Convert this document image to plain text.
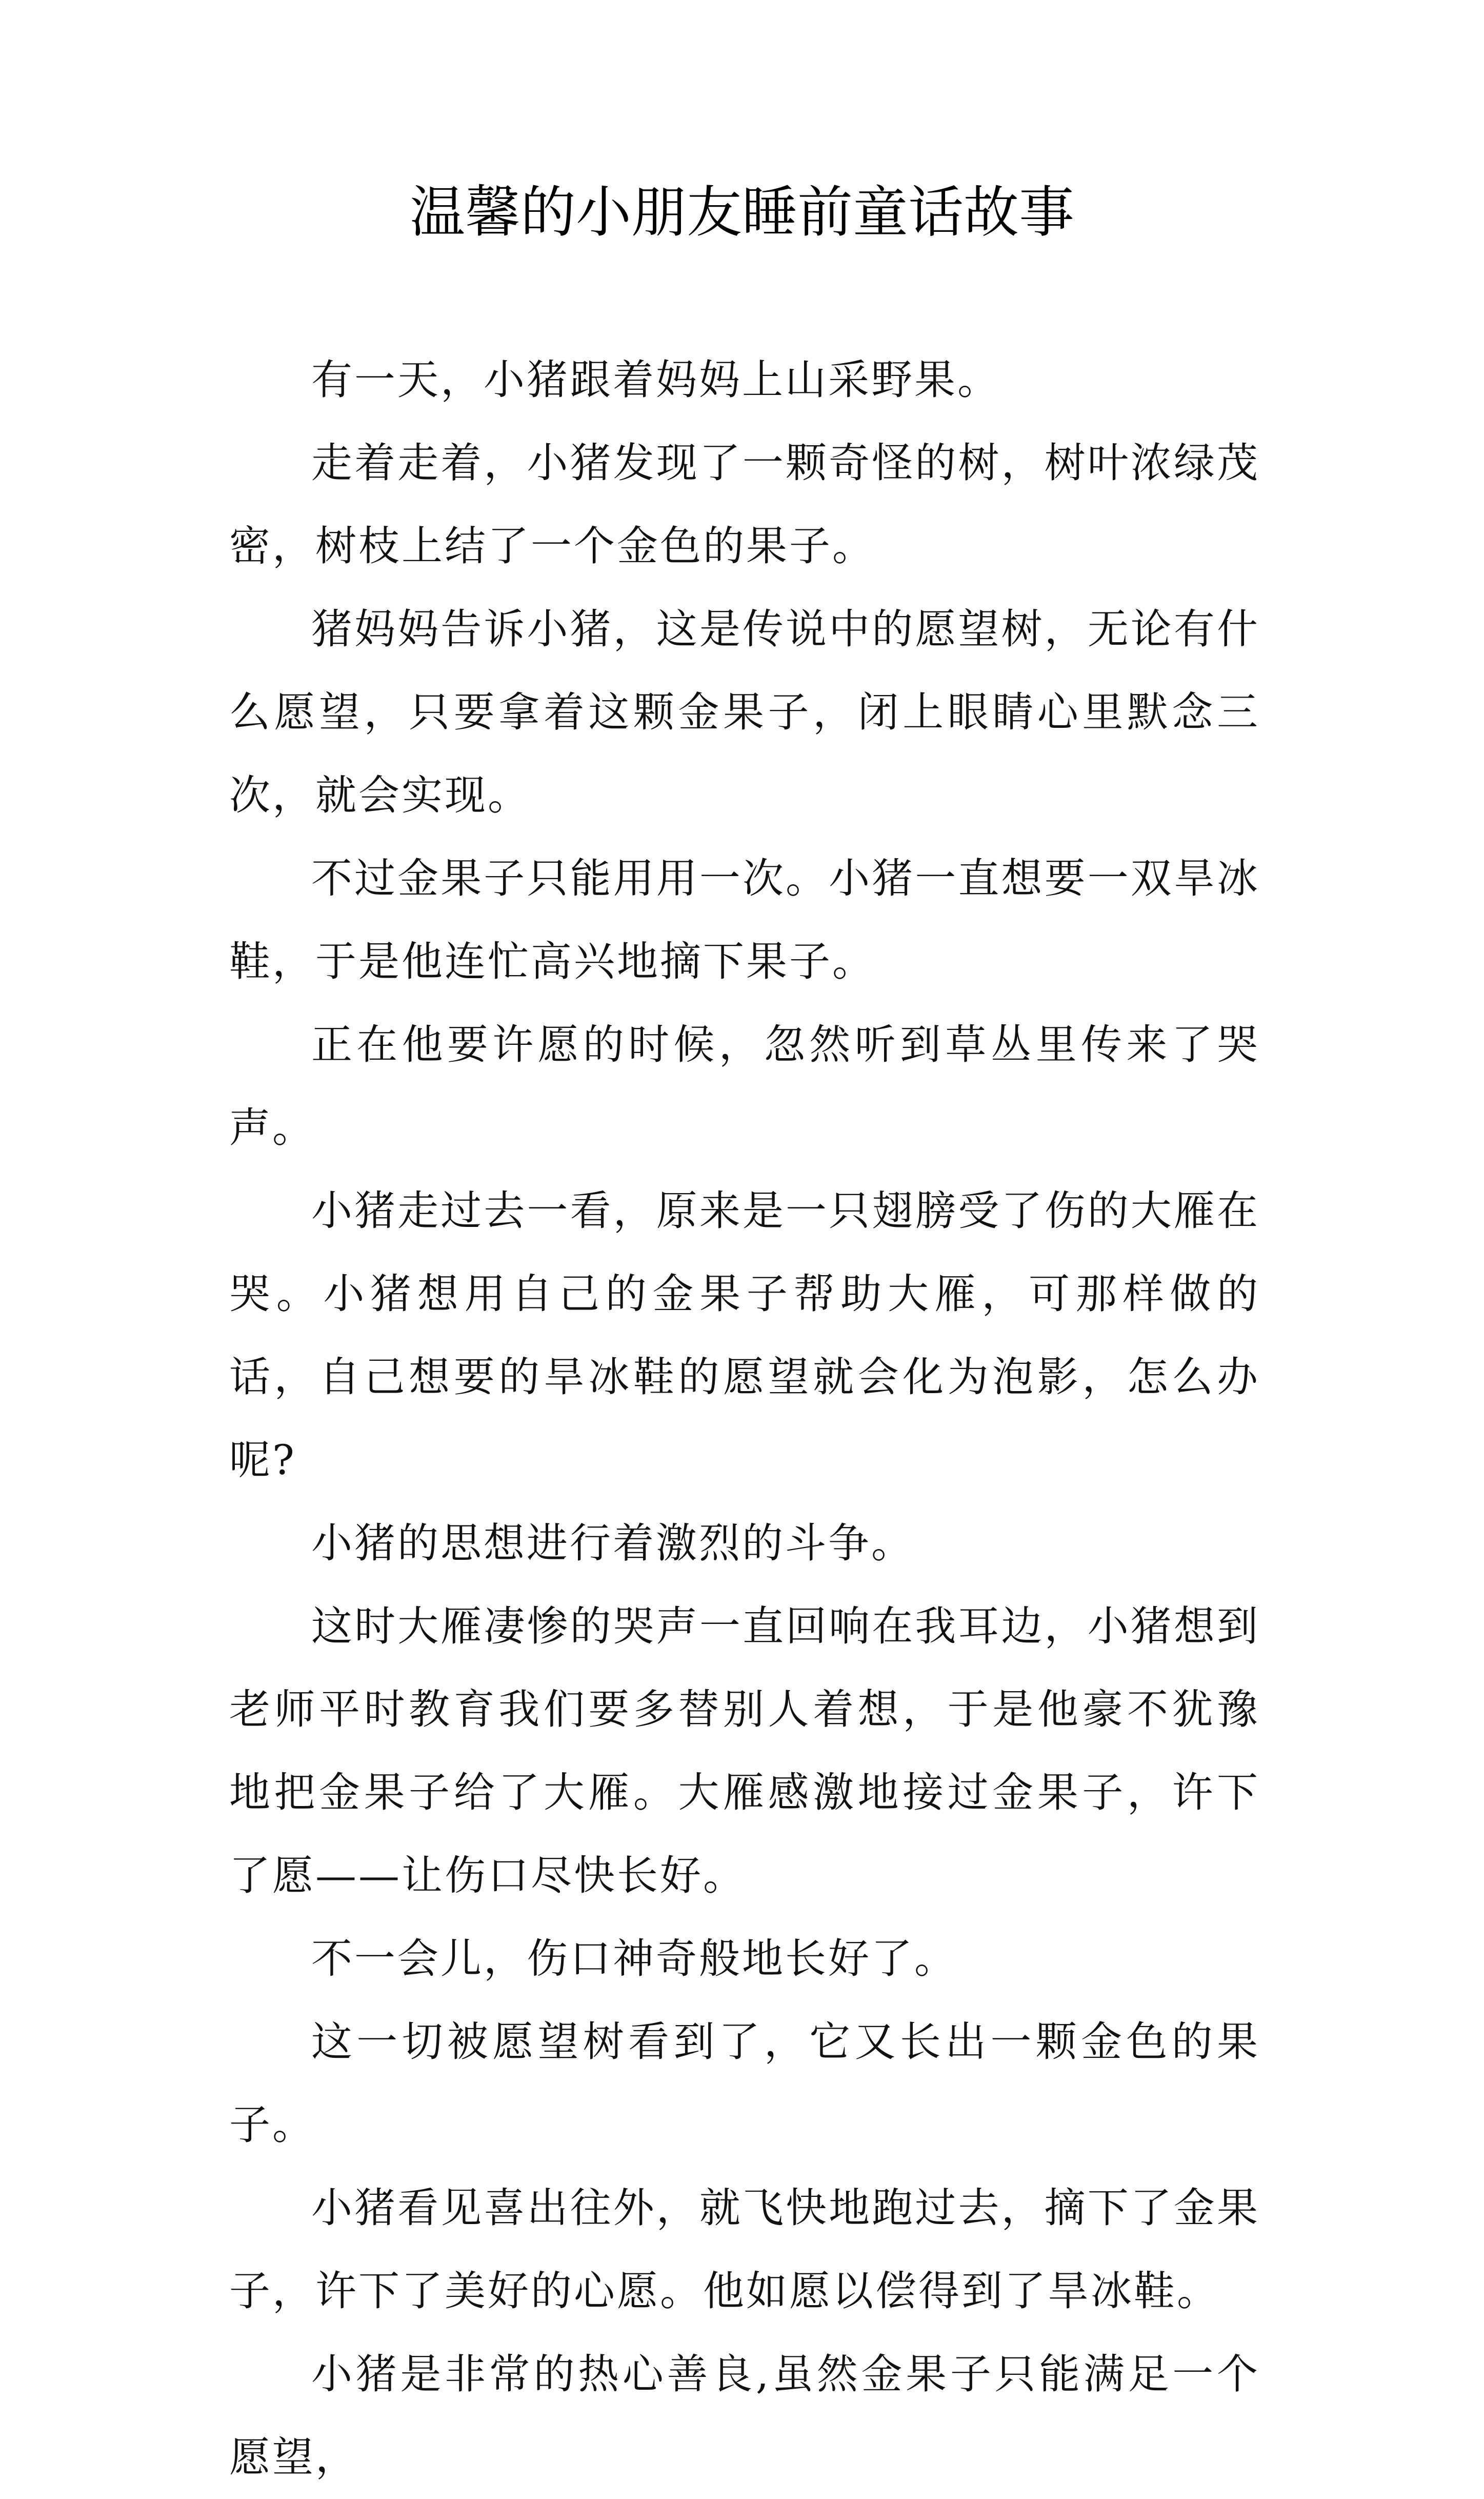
温馨的小朋友睡前童话故事

有一天，小猪跟着妈妈上山采野果。

走着走着，小猪发现了一颗奇怪的树，树叶浓绿茂密，树枝上结了一个金色的果子。

猪妈妈告诉小猪，这是传说中的愿望树，无论有什么愿望，只要拿着这颗金果子，闭上眼睛心里默念三次，就会实现。

不过金果子只能用用一次。小猪一直想要一双旱冰鞋，于是他连忙高兴地摘下果子。

正在他要许愿的时候，忽然听到草丛里传来了哭声。

小猪走过去一看，原来是一只翅膀受了伤的大雁在哭。小猪想用自己的金果子帮助大雁，可那样做的话，自己想要的旱冰鞋的愿望就会化为泡影，怎么办呢?

小猪的思想进行着激烈的斗争。

这时大雁凄惨的哭声一直回响在我耳边，小猪想到老师平时教育我们要多替别人着想，于是他豪不犹豫地把金果子给了大雁。大雁感激地接过金果子，许下了愿——让伤口尽快长好。

不一会儿，伤口神奇般地长好了。

这一切被愿望树看到了，它又长出一颗金色的果子。

小猪看见喜出往外，就飞快地跑过去，摘下了金果子，许下了美好的心愿。他如愿以偿得到了旱冰鞋。

小猪是非常的热心善良,虽然金果子只能满足一个愿望，
